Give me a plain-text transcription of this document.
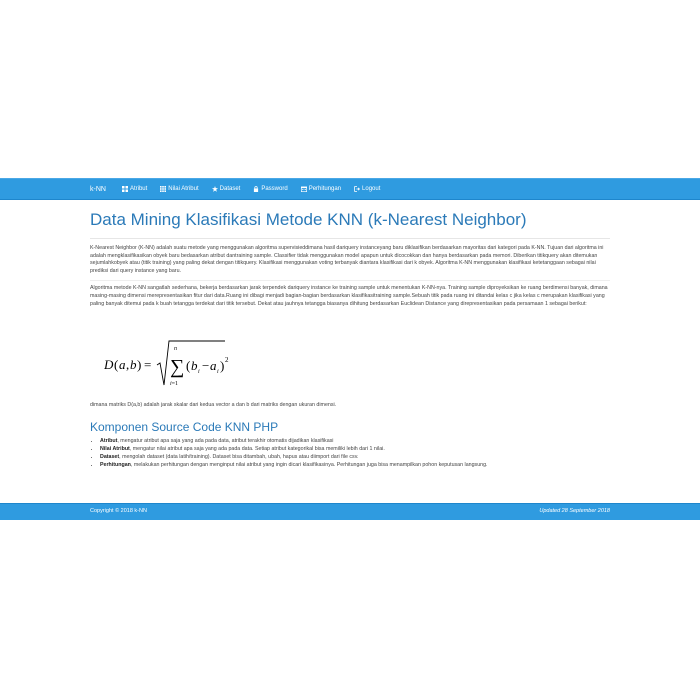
k-NN	Atribut	Nilai Atribut	Dataset	Password	Perhitungan	Logout
Data Mining Klasifikasi Metode KNN (k-Nearest Neighbor)

K-Nearest Neighbor (K-NN) adalah suatu metode yang menggunakan algoritma supervisieddimana hasil dariquery instanceyang baru diklasifikan berdasarkan mayoritas dari kategori pada K-NN. Tujuan dari algoritma ini adalah mengklasifikasikan obyek baru bedasarkan atribut dantraining sample. Classifier tidak menggunakan model apapun untuk dicocokkan dan hanya berdasarkan pada memori. Diberikan titikquery akan ditemukan sejumlahkobyek atau (titik training) yang paling dekat dengan titikquery. Klasifikasi menggunakan voting terbanyak diantara klasifikasi dari k obyek. Algoritma K-NN menggunakan klasifikasi ketetanggaan sebagai nilai prediksi dari query instance yang baru.

Algoritma metode K-NN sangatlah sederhana, bekerja berdasarkan jarak terpendek dariquery instance ke training sample untuk menentukan K-NN-nya. Training sample diproyeksikan ke ruang berdimensi banyak, dimana masing-masing dimensi merepresentasikan fitur dari data.Ruang ini dibagi menjadi bagian-bagian berdasarkan klasifikasitraining sample.Sebuah titik pada ruang ini ditandai kelas c jika kelas c merupakan klasifikasi yang paling banyak ditemui pada k buah tetangga terdekat dari titik tersebut. Dekat atau jauhnya tetangga biasanya dihitung berdasarkan Euclidean Distance yang direpresentasikan pada persamaan 1 sebagai berikut:

D ( a , b ) = ∑
n
i=1
( b i − a i ) 2

dimana matriks D(a,b) adalah jarak skalar dari kedua vector a dan b dari matriks dengan ukuran dimensi.

Komponen Source Code KNN PHP
• Atribut, mengatur atribut apa saja yang ada pada data, atribut terakhir otomatis dijadikan klasifikasi
• Nilai Atribut, mengatur nilai atribut apa saja yang ada pada data. Setiap atribut kategorikal bisa memiliki lebih dari 1 nilai.
• Dataset, mengolah dataset (data latih/training). Dataset bisa ditambah, ubah, hapus atau diimport dari file csv.
• Perhitungan, melakukan perhitungan dengan menginput nilai atribut yang ingin dicari klasifikasinya. Perhitungan juga bisa menampilkan pohon keputusan langsung.
Copyright © 2018 k-NN	Updated 28 September 2018
